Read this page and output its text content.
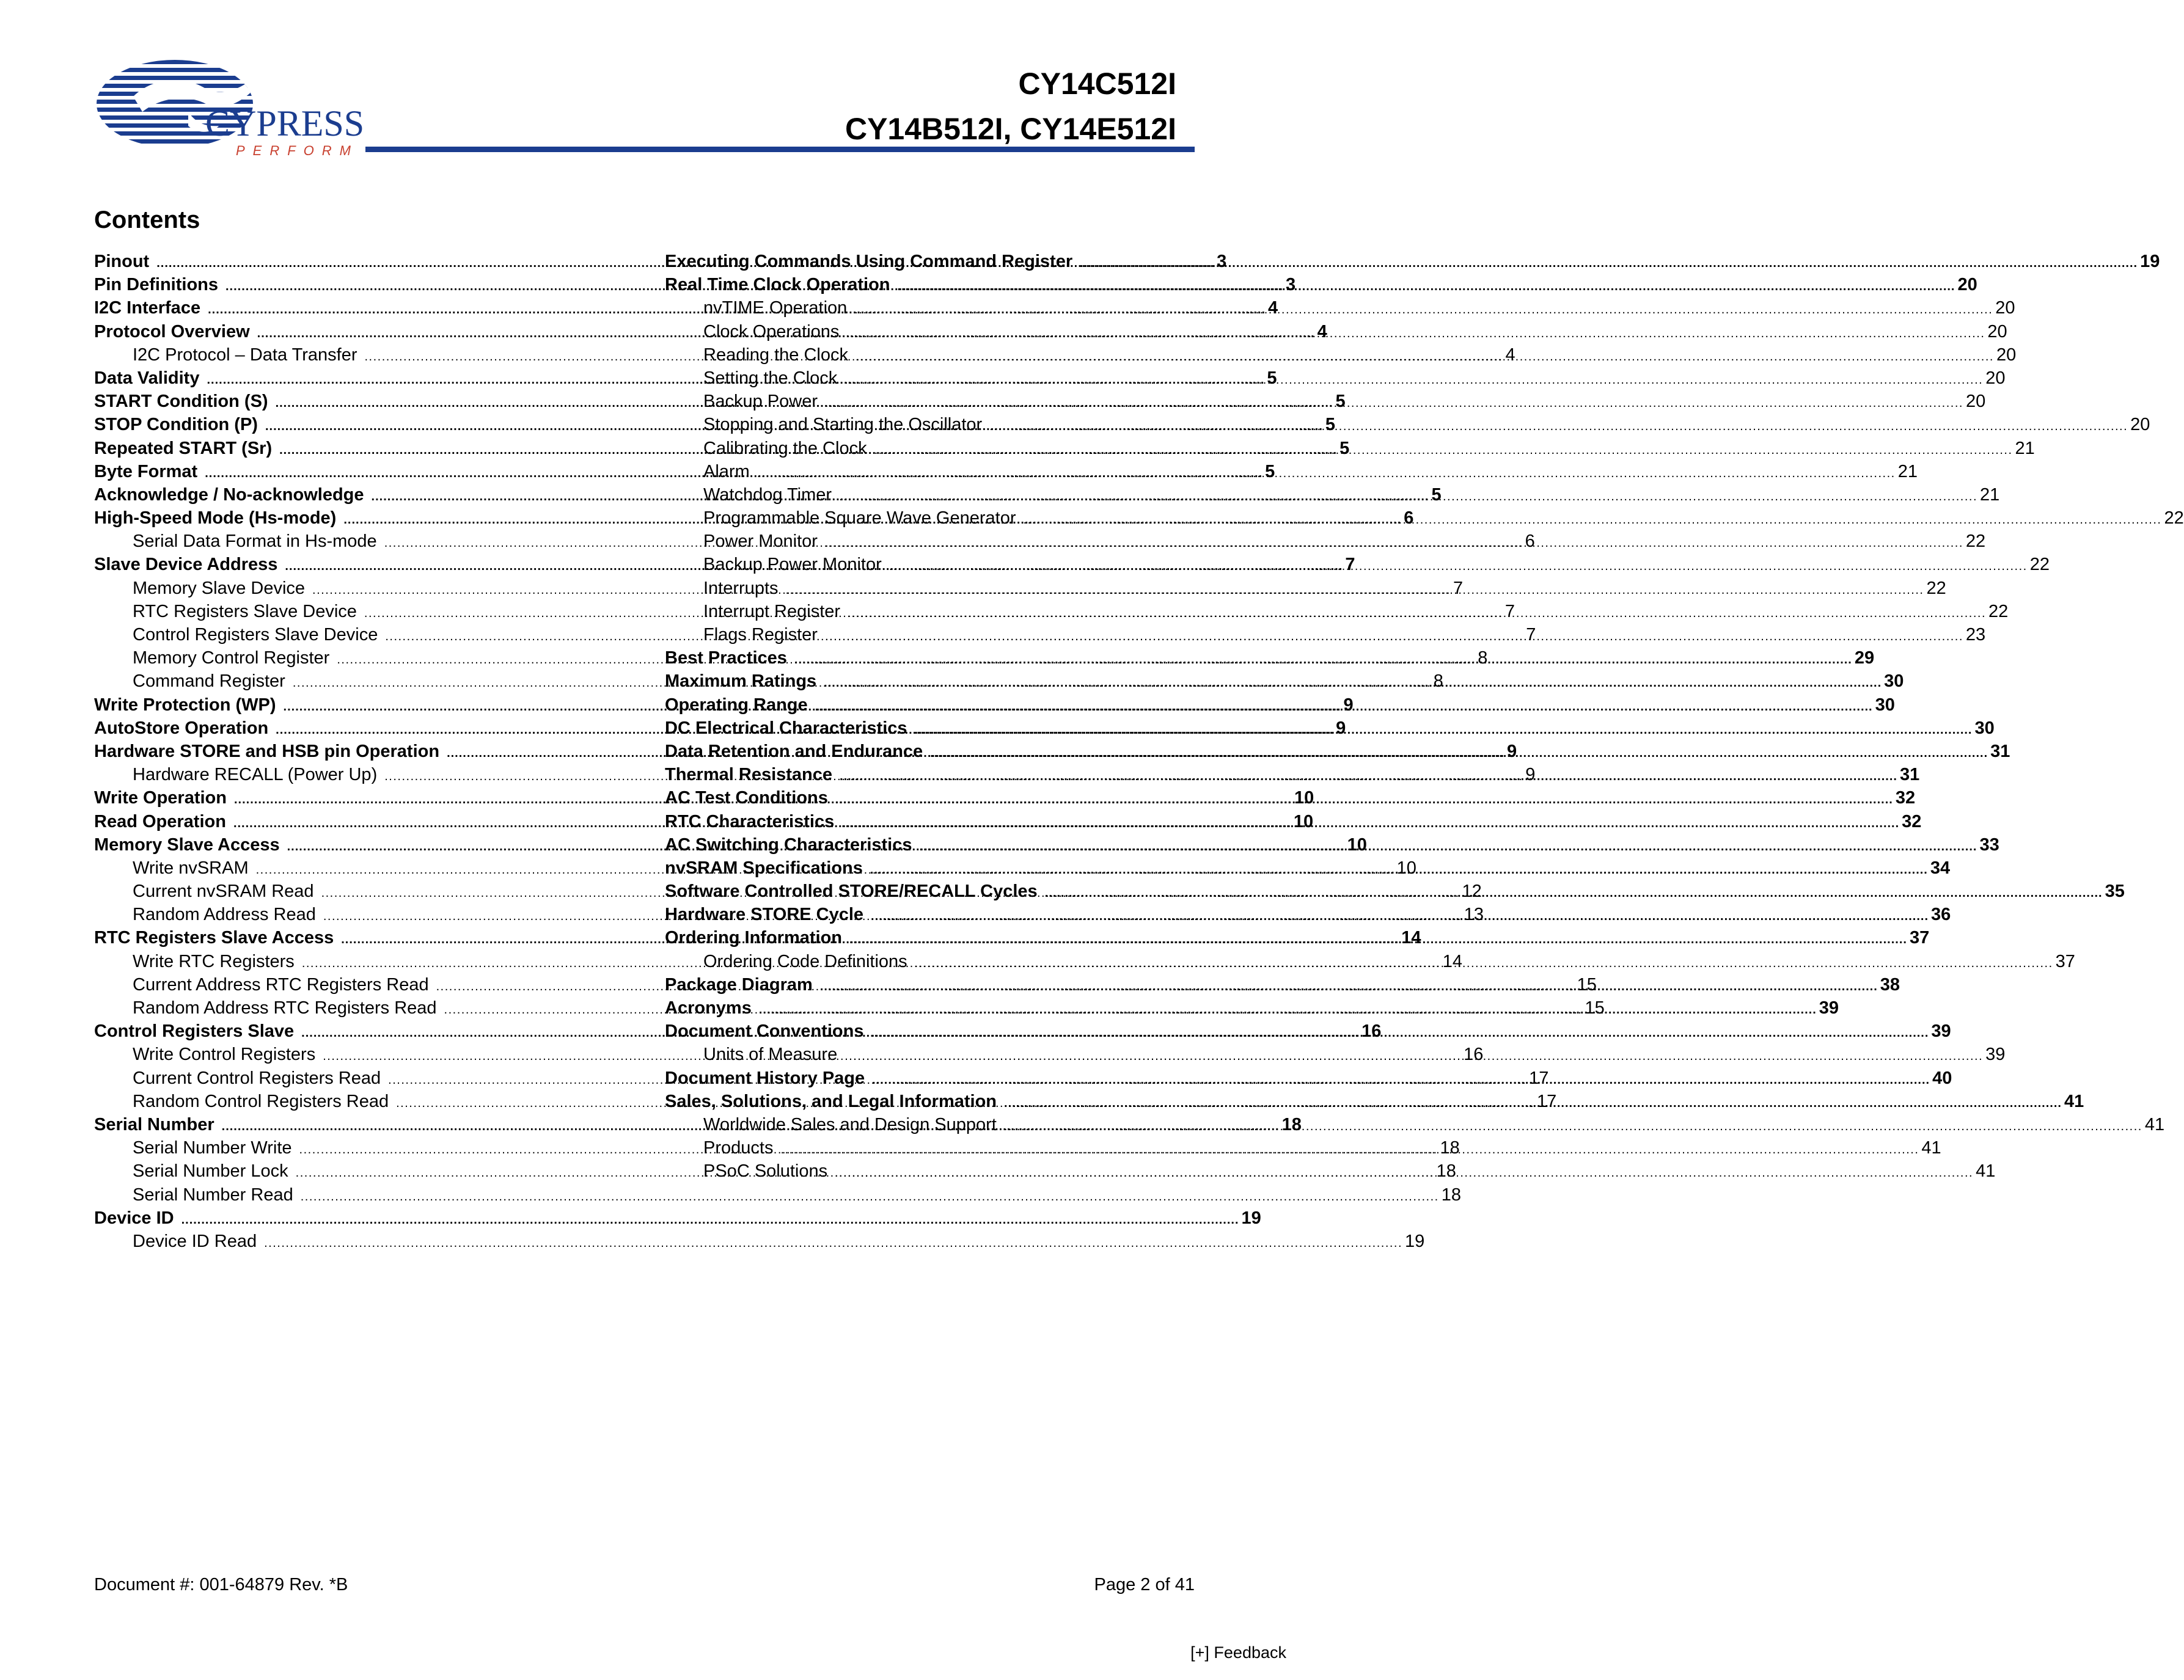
CYPRESS
PERFORM
CY14C512I
CY14B512I, CY14E512I
Contents
Pinout .....	3
Pin Definitions .....	3
I2C Interface .....	4
Protocol Overview .....	4
I2C Protocol – Data Transfer .....	4
Data Validity .....	5
START Condition (S) .....	5
STOP Condition (P) .....	5
Repeated START (Sr) .....	5
Byte Format .....	5
Acknowledge / No-acknowledge .....	5
High-Speed Mode (Hs-mode) .....	6
Serial Data Format in Hs-mode .....	6
Slave Device Address .....	7
Memory Slave Device .....	7
RTC Registers Slave Device .....	7
Control Registers Slave Device .....	7
Memory Control Register .....	8
Command Register .....	8
Write Protection (WP) .....	9
AutoStore Operation .....	9
Hardware STORE and HSB pin Operation .....	9
Hardware RECALL (Power Up) .....	9
Write Operation .....	10
Read Operation .....	10
Memory Slave Access .....	10
Write nvSRAM .....	10
Current nvSRAM Read .....	12
Random Address Read .....	13
RTC Registers Slave Access .....	14
Write RTC Registers .....	14
Current Address RTC Registers Read .....	15
Random Address RTC Registers Read .....	15
Control Registers Slave .....	16
Write Control Registers .....	16
Current Control Registers Read .....	17
Random Control Registers Read .....	17
Serial Number .....	18
Serial Number Write .....	18
Serial Number Lock .....	18
Serial Number Read .....	18
Device ID .....	19
Device ID Read .....	19
Executing Commands Using Command Register .....	19
Real Time Clock Operation .....	20
nvTIME Operation .....	20
Clock Operations .....	20
Reading the Clock .....	20
Setting the Clock .....	20
Backup Power .....	20
Stopping and Starting the Oscillator .....	20
Calibrating the Clock .....	21
Alarm .....	21
Watchdog Timer .....	21
Programmable Square Wave Generator .....	22
Power Monitor .....	22
Backup Power Monitor .....	22
Interrupts .....	22
Interrupt Register .....	22
Flags Register .....	23
Best Practices .....	29
Maximum Ratings .....	30
Operating Range .....	30
DC Electrical Characteristics .....	30
Data Retention and Endurance .....	31
Thermal Resistance .....	31
AC Test Conditions .....	32
RTC Characteristics .....	32
AC Switching Characteristics .....	33
nvSRAM Specifications .....	34
Software Controlled STORE/RECALL Cycles .....	35
Hardware STORE Cycle .....	36
Ordering Information .....	37
Ordering Code Definitions .....	37
Package Diagram .....	38
Acronyms .....	39
Document Conventions .....	39
Units of Measure .....	39
Document History Page .....	40
Sales, Solutions, and Legal Information .....	41
Worldwide Sales and Design Support .....	41
Products .....	41
PSoC Solutions .....	41
Document #: 001-64879 Rev. *B	Page 2 of 41
[+] Feedback
